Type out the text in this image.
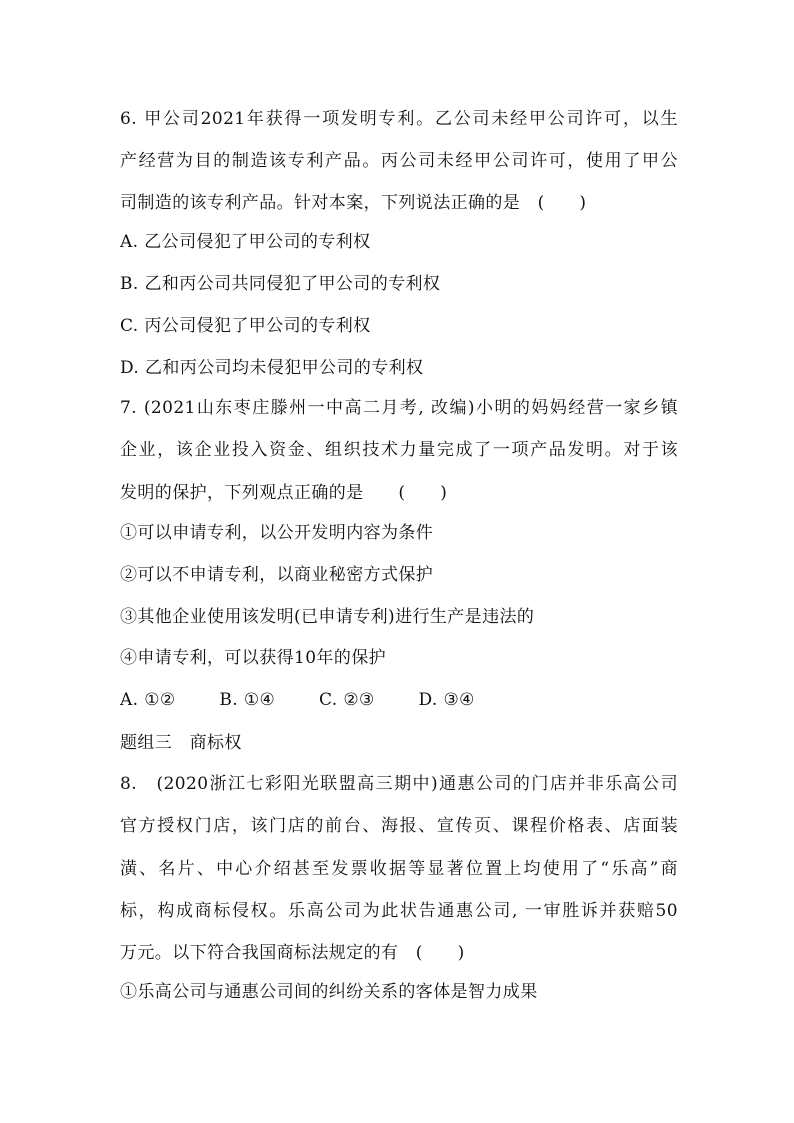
6. 甲公司2021年获得一项发明专利。乙公司未经甲公司许可，以生
产经营为目的制造该专利产品。丙公司未经甲公司许可，使用了甲公
司制造的该专利产品。针对本案，下列说法正确的是　(　　)
A. 乙公司侵犯了甲公司的专利权
B. 乙和丙公司共同侵犯了甲公司的专利权
C. 丙公司侵犯了甲公司的专利权
D. 乙和丙公司均未侵犯甲公司的专利权
7. (2021山东枣庄滕州一中高二月考, 改编)小明的妈妈经营一家乡镇
企业，该企业投入资金、组织技术力量完成了一项产品发明。对于该
发明的保护，下列观点正确的是　　(　　)
①可以申请专利，以公开发明内容为条件
②可以不申请专利，以商业秘密方式保护
③其他企业使用该发明(已申请专利)进行生产是违法的
④申请专利，可以获得10年的保护
A. ①②	B. ①④	C. ②③	D. ③④
题组三　商标权
8.　(2020浙江七彩阳光联盟高三期中)通惠公司的门店并非乐高公司
官方授权门店，该门店的前台、海报、宣传页、课程价格表、店面装
潢、名片、中心介绍甚至发票收据等显著位置上均使用了“乐高”商
标，构成商标侵权。乐高公司为此状告通惠公司, 一审胜诉并获赔50
万元。以下符合我国商标法规定的有　(　　)
①乐高公司与通惠公司间的纠纷关系的客体是智力成果
